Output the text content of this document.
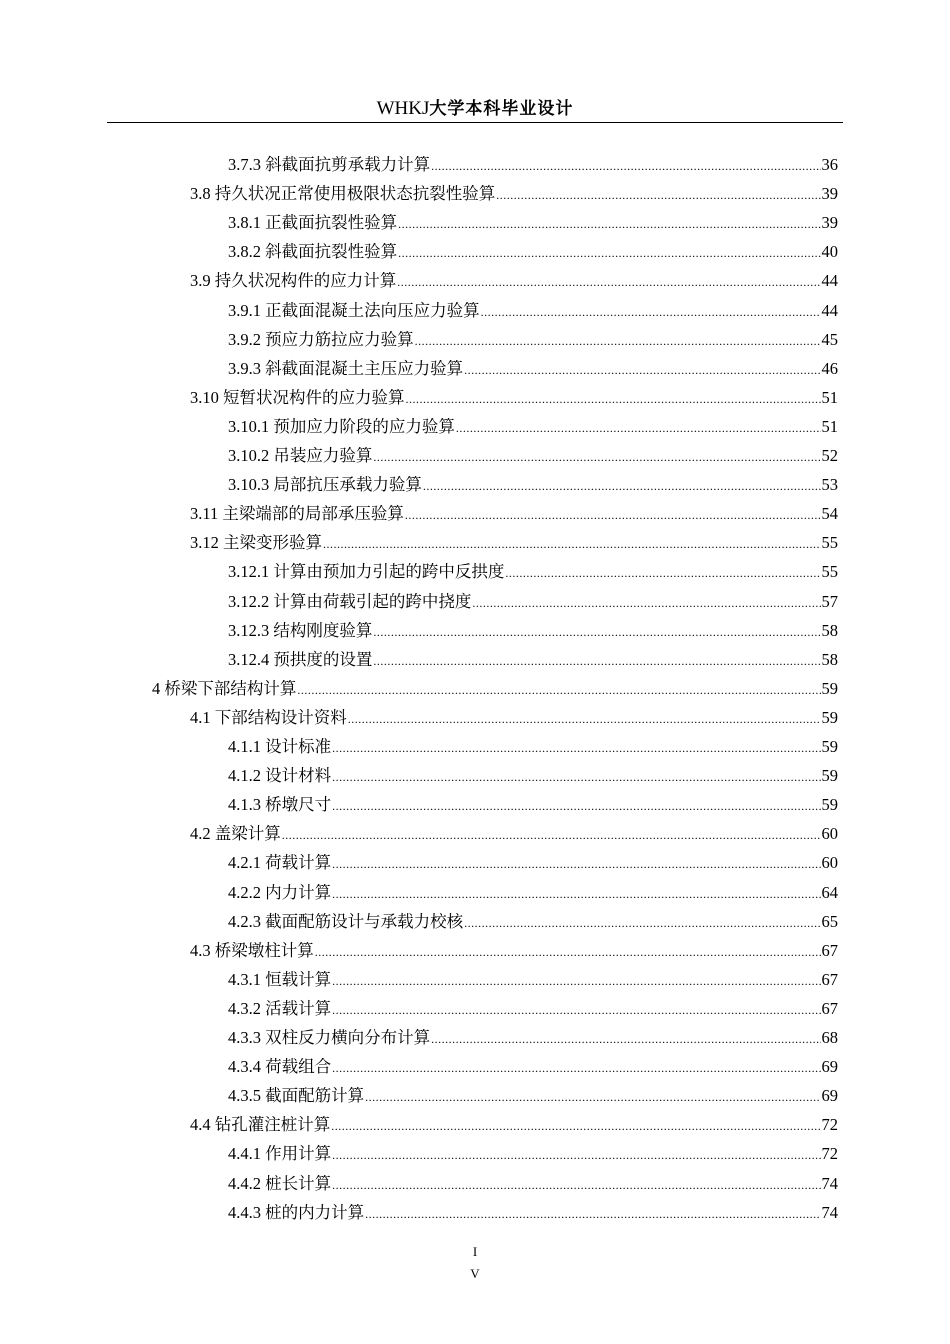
WHKJ大学本科毕业设计
3.7.3 斜截面抗剪承载力计算 .....	36
3.8 持久状况正常使用极限状态抗裂性验算 .....	39
3.8.1 正截面抗裂性验算 .....	39
3.8.2 斜截面抗裂性验算 .....	40
3.9 持久状况构件的应力计算 .....	44
3.9.1 正截面混凝土法向压应力验算 .....	44
3.9.2 预应力筋拉应力验算 .....	45
3.9.3 斜截面混凝土主压应力验算 .....	46
3.10 短暂状况构件的应力验算 .....	51
3.10.1 预加应力阶段的应力验算 .....	51
3.10.2 吊装应力验算 .....	52
3.10.3 局部抗压承载力验算 .....	53
3.11 主梁端部的局部承压验算 .....	54
3.12 主梁变形验算 .....	55
3.12.1 计算由预加力引起的跨中反拱度 .....	55
3.12.2 计算由荷载引起的跨中挠度 .....	57
3.12.3 结构刚度验算 .....	58
3.12.4 预拱度的设置 .....	58
4 桥梁下部结构计算 .....	59
4.1 下部结构设计资料 .....	59
4.1.1 设计标准 .....	59
4.1.2 设计材料 .....	59
4.1.3 桥墩尺寸 .....	59
4.2 盖梁计算 .....	60
4.2.1 荷载计算 .....	60
4.2.2 内力计算 .....	64
4.2.3 截面配筋设计与承载力校核 .....	65
4.3 桥梁墩柱计算 .....	67
4.3.1 恒载计算 .....	67
4.3.2 活载计算 .....	67
4.3.3 双柱反力横向分布计算 .....	68
4.3.4 荷载组合 .....	69
4.3.5 截面配筋计算 .....	69
4.4 钻孔灌注桩计算 .....	72
4.4.1 作用计算 .....	72
4.4.2 桩长计算 .....	74
4.4.3 桩的内力计算 .....	74
I
V
